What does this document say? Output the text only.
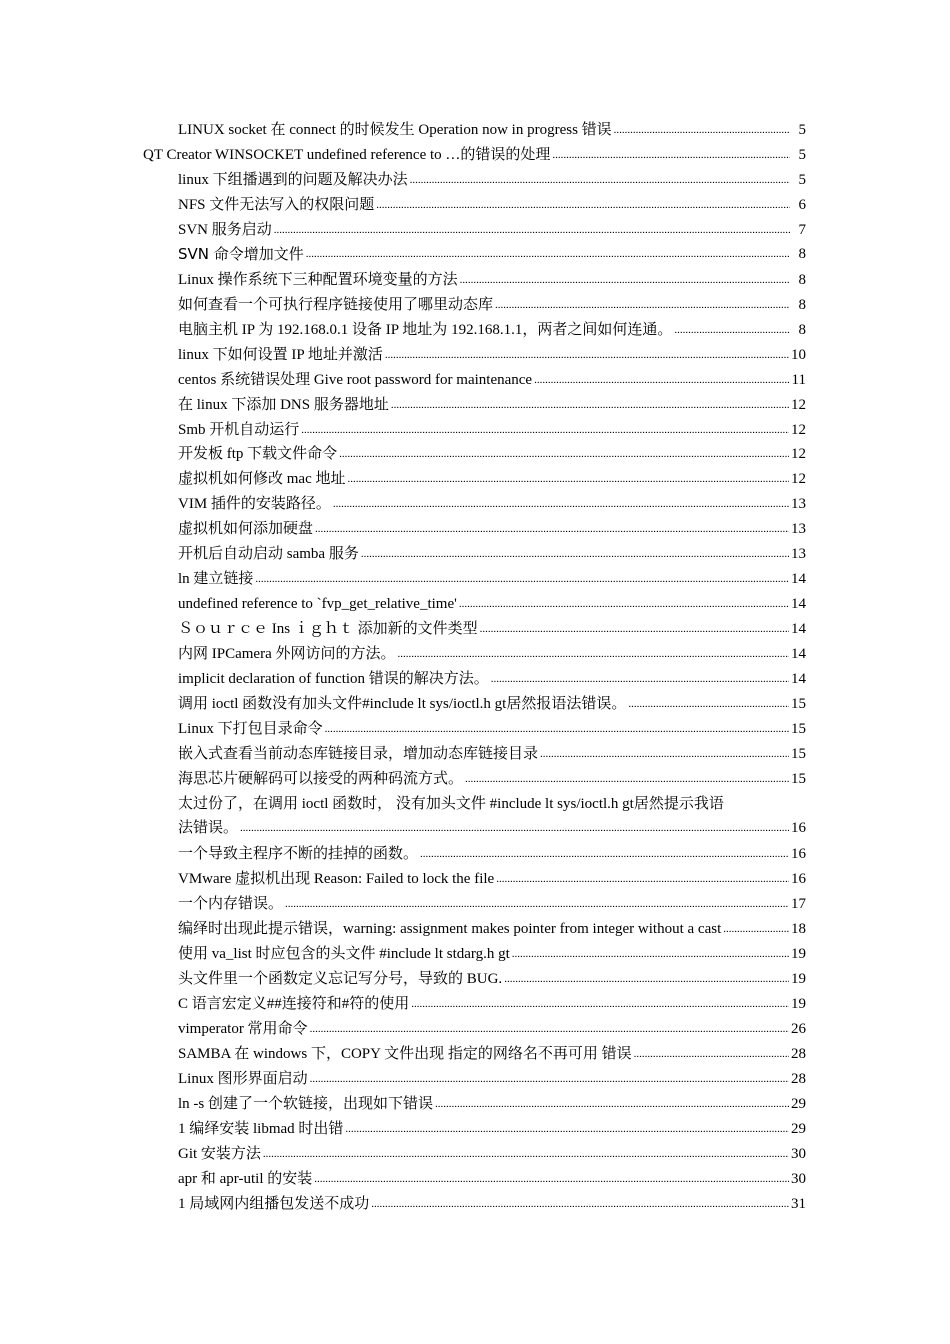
LINUX socket 在 connect 的时候发生 Operation now in progress 错误 .....	5
QT Creator WINSOCKET undefined reference to …的错误的处理 .....	5
linux 下组播遇到的问题及解决办法 .....	5
NFS 文件无法写入的权限问题 .....	6
SVN 服务启动 .....	7
SVN 命令增加文件 .....	8
Linux 操作系统下三种配置环境变量的方法 .....	8
如何查看一个可执行程序链接使用了哪里动态库 .....	8
电脑主机 IP 为 192.168.0.1 设备 IP 地址为 192.168.1.1，两者之间如何连通。 .....	8
linux 下如何设置 IP 地址并激活 .....	10
centos 系统错误处理 Give root password for maintenance .....	11
在 linux 下添加 DNS 服务器地址 .....	12
Smb 开机自动运行 .....	12
开发板 ftp 下载文件命令 .....	12
虚拟机如何修改 mac 地址 .....	12
VIM 插件的安装路径。 .....	13
虚拟机如何添加硬盘 .....	13
开机后自动启动 samba 服务 .....	13
ln 建立链接 .....	14
undefined reference to `fvp_get_relative_time' .....	14
Ｓｏｕｒｃｅ Ins ｉｇｈｔ 添加新的文件类型 .....	14
内网 IPCamera 外网访问的方法。 .....	14
implicit declaration of function 错误的解决方法。 .....	14
调用 ioctl 函数没有加头文件#include lt sys/ioctl.h gt居然报语法错误。 .....	15
Linux 下打包目录命令 .....	15
嵌入式查看当前动态库链接目录，增加动态库链接目录 .....	15
海思芯片硬解码可以接受的两种码流方式。 .....	15
太过份了，在调用 ioctl 函数时， 没有加头文件 #include lt sys/ioctl.h gt居然提示我语
法错误。 .....	16
一个导致主程序不断的挂掉的函数。 .....	16
VMware 虚拟机出现 Reason: Failed to lock the file .....	16
一个内存错误。 .....	17
编绎时出现此提示错误，warning: assignment makes pointer from integer without a cast .....	18
使用 va_list 时应包含的头文件 #include lt stdarg.h gt .....	19
头文件里一个函数定义忘记写分号，导致的 BUG. .....	19
C 语言宏定义##连接符和#符的使用 .....	19
vimperator 常用命令 .....	26
SAMBA 在 windows 下，COPY 文件出现 指定的网络名不再可用 错误 .....	28
Linux 图形界面启动 .....	28
ln -s 创建了一个软链接，出现如下错误 .....	29
1 编绎安装 libmad 时出错 .....	29
Git 安装方法 .....	30
apr 和 apr-util 的安装 .....	30
1 局域网内组播包发送不成功 .....	31
